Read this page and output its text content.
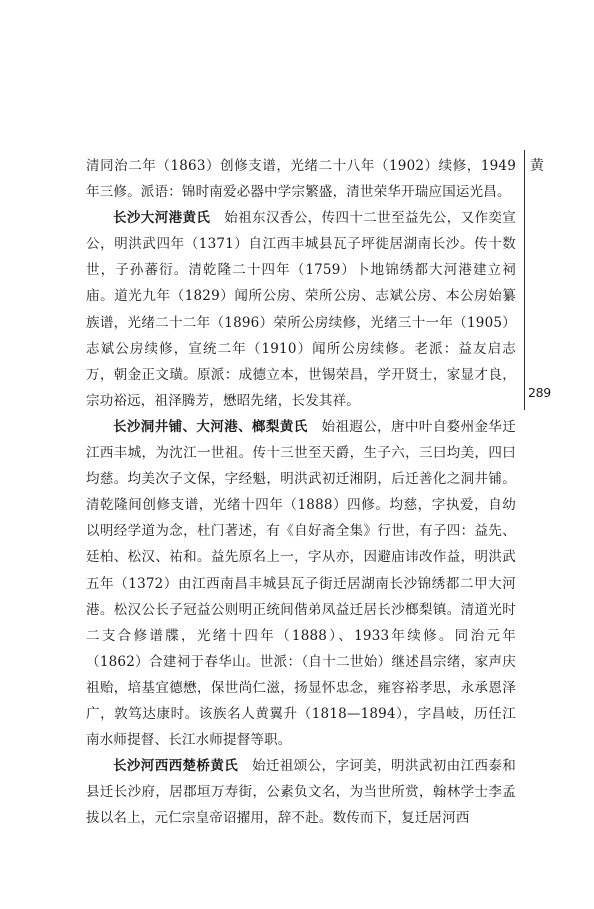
清同治二年（1863）创修支谱，光绪二十八年（1902）续修，1949年三修。派语：锦时南爱必器中学宗繁盛，清世荣华开瑞应国运光昌。

长沙大河港黄氏　 始祖东汉香公，传四十二世至益先公，又作奕宣公，明洪武四年（1371）自江西丰城县瓦子坪徙居湖南长沙。传十数世，子孙蕃衍。清乾隆二十四年（1759）卜地锦绣都大河港建立祠庙。道光九年（1829）闻所公房、荣所公房、志斌公房、本公房始纂族谱，光绪二十二年（1896）荣所公房续修，光绪三十一年（1905）志斌公房续修，宣统二年（1910）闻所公房续修。老派：益友启志万，朝金正文璜。原派：成德立本，世锡荣昌，学开贤士，家显才良，宗功裕远，祖泽腾芳，懋昭先绪，长发其祥。

长沙洞井铺、大河港、榔梨黄氏　 始祖遐公，唐中叶自婺州金华迁江西丰城，为沈江一世祖。传十三世至天爵，生子六，三曰均美，四曰均慈。均美次子文保，字经魁，明洪武初迁湘阴，后迁善化之洞井铺。清乾隆间创修支谱，光绪十四年（1888）四修。均慈，字执爱，自幼以明经学道为念，杜门著述，有《自好斋全集》行世，有子四：益先、廷柏、松汉、祐和。益先原名上一，字从亦，因避庙讳改作益，明洪武五年（1372）由江西南昌丰城县瓦子街迁居湖南长沙锦绣都二甲大河港。松汉公长子冠益公则明正统间偕弟凤益迁居长沙榔梨镇。清道光时二支合修谱牒，光绪十四年（1888）、1933年续修。同治元年（1862）合建祠于春华山。世派：（自十二世始）继述昌宗绪，家声庆祖贻，培基宜德懋，保世尚仁滋，扬显怀忠念，雍容裕孝思，永承恩泽广，敦笃达康时。该族名人黄翼升（1818—1894），字昌岐，历任江南水师提督、长江水师提督等职。

长沙河西西楚桥黄氏　 始迁祖颂公，字诃美，明洪武初由江西泰和县迁长沙府，居郡垣万寿街，公素负文名，为当世所赏，翰林学士李孟拔以名上，元仁宗皇帝诏擢用，辞不赴。数传而下，复迁居河西

黄
289
